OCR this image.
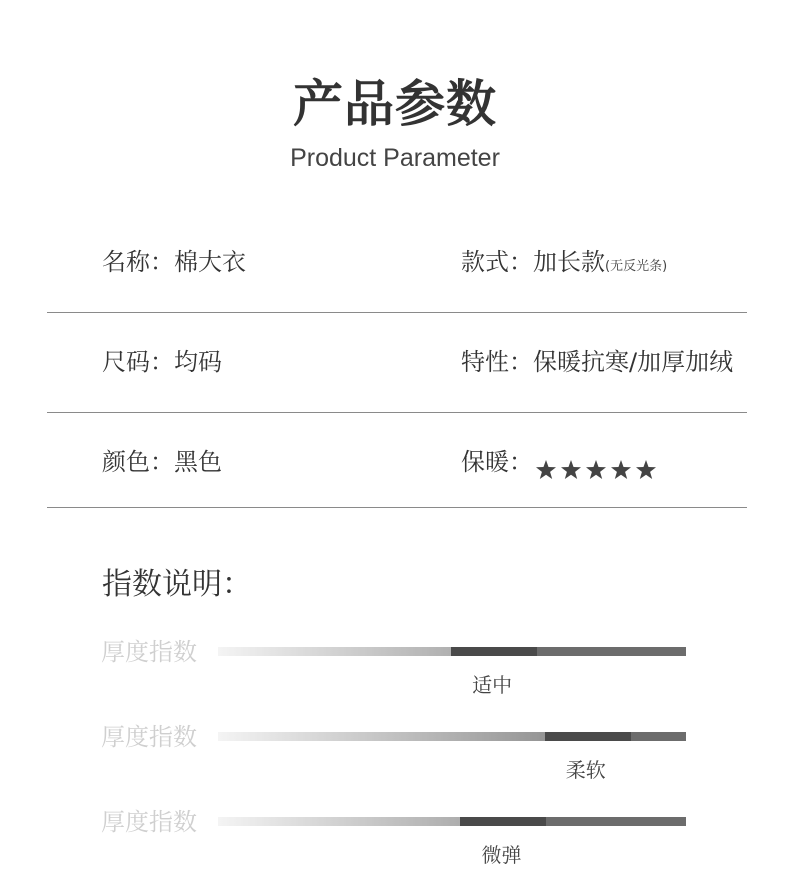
产品参数
Product Parameter
名称：棉大衣	款式：加长款(无反光条)
尺码：均码	特性：保暖抗寒/加厚加绒
颜色：黑色	保暖：
指数说明：
厚度指数
适中
厚度指数
柔软
厚度指数
微弹
